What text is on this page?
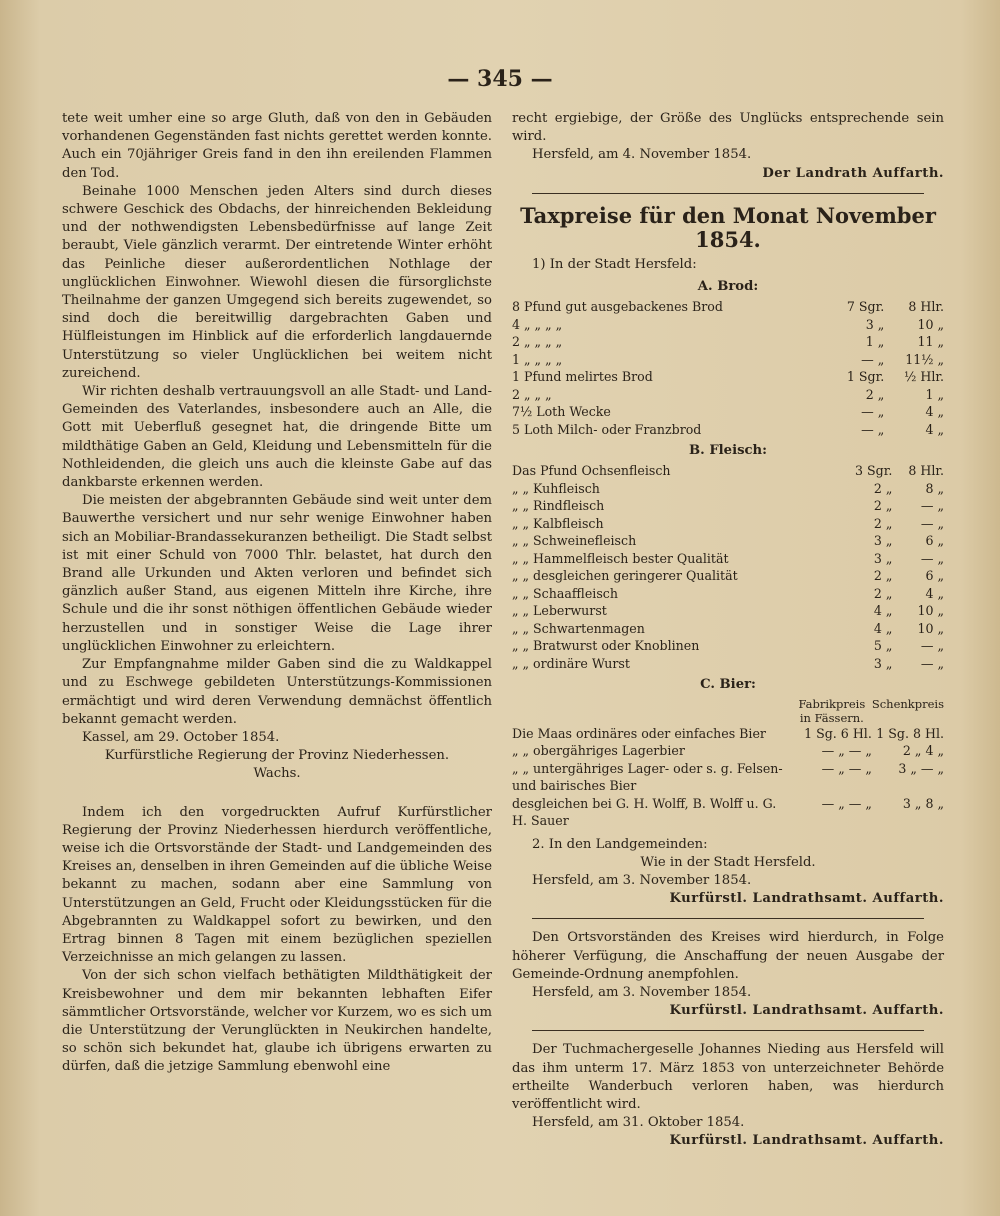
— 345 —

tete weit umher eine so arge Gluth, daß von den in Gebäuden vorhandenen Gegenständen fast nichts gerettet werden konnte. Auch ein 70jähriger Greis fand in den ihn ereilenden Flammen den Tod.

Beinahe 1000 Menschen jeden Alters sind durch dieses schwere Geschick des Obdachs, der hinreichenden Bekleidung und der nothwendigsten Lebensbedürfnisse auf lange Zeit beraubt, Viele gänzlich verarmt. Der eintretende Winter erhöht das Peinliche dieser außerordentlichen Nothlage der unglücklichen Einwohner. Wiewohl diesen die fürsorglichste Theilnahme der ganzen Umgegend sich bereits zugewendet, so sind doch die bereitwillig dargebrachten Gaben und Hülfleistungen im Hinblick auf die erforderlich langdauernde Unterstützung so vieler Unglücklichen bei weitem nicht zureichend.

Wir richten deshalb vertrauungsvoll an alle Stadt- und Land-Gemeinden des Vaterlandes, insbesondere auch an Alle, die Gott mit Ueberfluß gesegnet hat, die dringende Bitte um mildthätige Gaben an Geld, Kleidung und Lebensmitteln für die Nothleidenden, die gleich uns auch die kleinste Gabe auf das dankbarste erkennen werden.

Die meisten der abgebrannten Gebäude sind weit unter dem Bauwerthe versichert und nur sehr wenige Einwohner haben sich an Mobiliar-Brandassekuranzen betheiligt. Die Stadt selbst ist mit einer Schuld von 7000 Thlr. belastet, hat durch den Brand alle Urkunden und Akten verloren und befindet sich gänzlich außer Stand, aus eigenen Mitteln ihre Kirche, ihre Schule und die ihr sonst nöthigen öffentlichen Gebäude wieder herzustellen und in sonstiger Weise die Lage ihrer unglücklichen Einwohner zu erleichtern.

Zur Empfangnahme milder Gaben sind die zu Waldkappel und zu Eschwege gebildeten Unterstützungs-Kommissionen ermächtigt und wird deren Verwendung demnächst öffentlich bekannt gemacht werden.

Kassel, am 29. October 1854.

Kurfürstliche Regierung der Provinz Niederhessen.

Wachs.

Indem ich den vorgedruckten Aufruf Kurfürstlicher Regierung der Provinz Niederhessen hierdurch veröffentliche, weise ich die Ortsvorstände der Stadt- und Landgemeinden des Kreises an, denselben in ihren Gemeinden auf die übliche Weise bekannt zu machen, sodann aber eine Sammlung von Unterstützungen an Geld, Frucht oder Kleidungsstücken für die Abgebrannten zu Waldkappel sofort zu bewirken, und den Ertrag binnen 8 Tagen mit einem bezüglichen speziellen Verzeichnisse an mich gelangen zu lassen.

Von der sich schon vielfach bethätigten Mildthätigkeit der Kreisbewohner und dem mir bekannten lebhaften Eifer sämmtlicher Ortsvorstände, welcher vor Kurzem, wo es sich um die Unterstützung der Verunglückten in Neukirchen handelte, so schön sich bekundet hat, glaube ich übrigens erwarten zu dürfen, daß die jetzige Sammlung ebenwohl eine

recht ergiebige, der Größe des Unglücks entsprechende sein wird.

Hersfeld, am 4. November 1854.

Der Landrath Auffarth.

Taxpreise für den Monat November 1854.

1) In der Stadt Hersfeld:

A. Brod:
8 Pfund gut ausgebackenes Brod	7 Sgr.	8 Hlr.
4 „ „ „ „	3 „	10 „
2 „ „ „ „	1 „	11 „
1 „ „ „ „	— „	11½ „
1 Pfund melirtes Brod	1 Sgr.	½ Hlr.
2 „ „ „	2 „	1 „
7½ Loth Wecke	— „	4 „
5 Loth Milch- oder Franzbrod	— „	4 „
B. Fleisch:
Das Pfund Ochsenfleisch	3 Sgr.	8 Hlr.
„ „ Kuhfleisch	2 „	8 „
„ „ Rindfleisch	2 „	— „
„ „ Kalbfleisch	2 „	— „
„ „ Schweinefleisch	3 „	6 „
„ „ Hammelfleisch bester Qualität	3 „	— „
„ „ desgleichen geringerer Qualität	2 „	6 „
„ „ Schaaffleisch	2 „	4 „
„ „ Leberwurst	4 „	10 „
„ „ Schwartenmagen	4 „	10 „
„ „ Bratwurst oder Knoblinen	5 „	— „
„ „ ordinäre Wurst	3 „	— „
C. Bier:
	Fabrikpreis in Fässern.	Schenkpreis
Die Maas ordinäres oder einfaches Bier	1 Sg. 6 Hl.	1 Sg. 8 Hl.
„ „ obergähriges Lagerbier	— „ — „	2 „ 4 „
„ „ untergähriges Lager- oder s. g. Felsen- und bairisches Bier	— „ — „	3 „ — „
desgleichen bei G. H. Wolff, B. Wolff u. G. H. Sauer	— „ — „	3 „ 8 „

2. In den Landgemeinden:

Wie in der Stadt Hersfeld.

Hersfeld, am 3. November 1854.

Kurfürstl. Landrathsamt. Auffarth.

Den Ortsvorständen des Kreises wird hierdurch, in Folge höherer Verfügung, die Anschaffung der neuen Ausgabe der Gemeinde-Ordnung anempfohlen.

Hersfeld, am 3. November 1854.

Kurfürstl. Landrathsamt. Auffarth.

Der Tuchmachergeselle Johannes Nieding aus Hersfeld will das ihm unterm 17. März 1853 von unterzeichneter Behörde ertheilte Wanderbuch verloren haben, was hierdurch veröffentlicht wird.

Hersfeld, am 31. Oktober 1854.

Kurfürstl. Landrathsamt. Auffarth.
